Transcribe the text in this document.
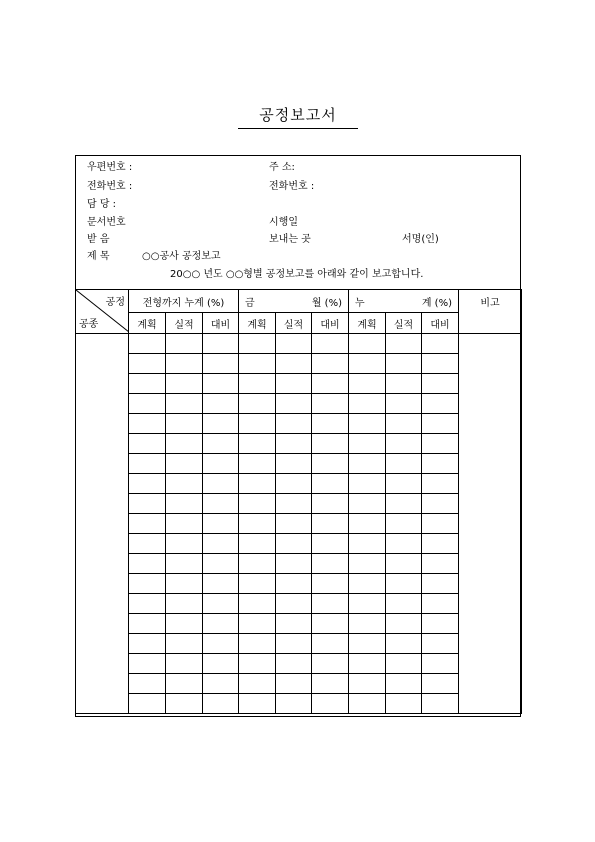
공정보고서
우편번호 :	주 소:
전화번호 :	전화번호 :
담 당 :
문서번호	시행일
받 음	보내는 곳	서명(인)
제 목	○○공사 공정보고
20○○ 년도 ○○형별 공정보고를 아래와 같이 보고합니다.
공정
공종	전형까지 누계 (%)			금 월 (%)			누 계 (%)			비고
	계획	실적	대비	계획	실적	대비	계획	실적	대비	
